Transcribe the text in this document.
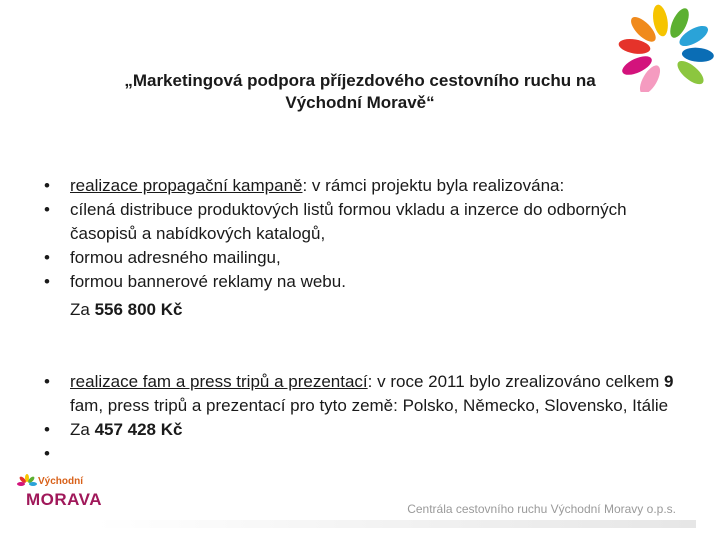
„Marketingová podpora příjezdového cestovního ruchu na
Východní Moravě“
• realizace propagační kampaně: v rámci projektu byla realizována:
• cílená distribuce produktových listů formou vkladu a inzerce do odborných časopisů a nabídkových katalogů,
• formou adresného mailingu,
• formou bannerové reklamy na webu.
Za 556 800 Kč
• realizace fam a press tripů a prezentací: v roce 2011 bylo zrealizováno celkem 9 fam, press tripů a prezentací pro tyto země: Polsko, Německo, Slovensko, Itálie
• Za 457 428 Kč
Východní
MORAVA	Centrála cestovního ruchu Východní Moravy o.p.s.
